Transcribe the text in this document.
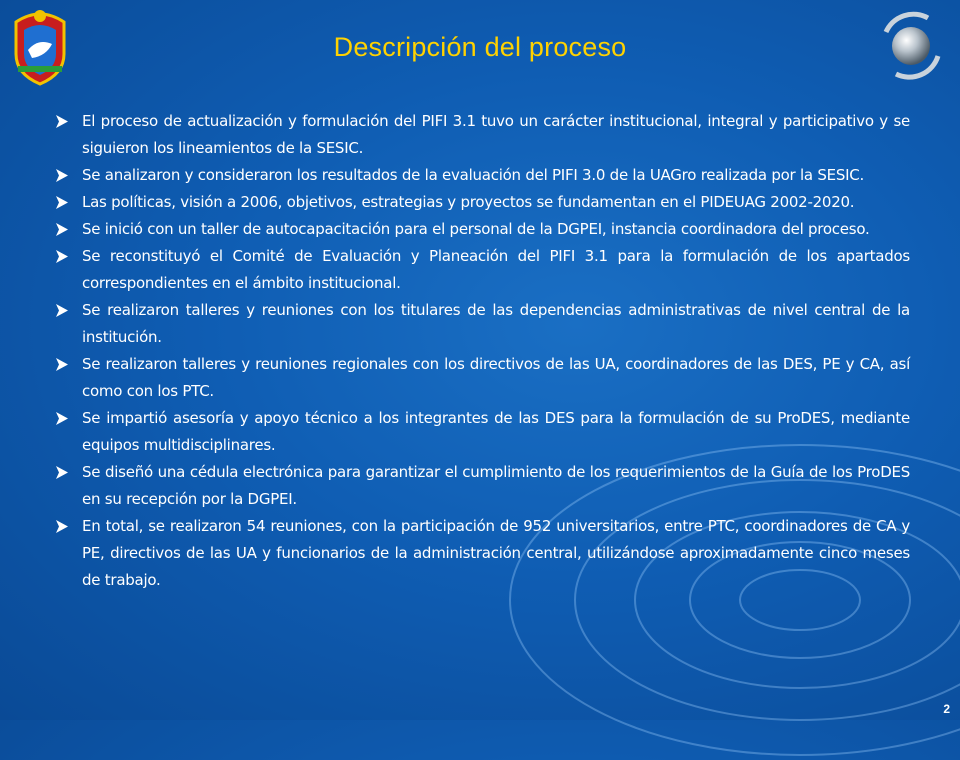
Descripción del proceso
El proceso de actualización y formulación del PIFI 3.1 tuvo un carácter institucional, integral y participativo y se siguieron los lineamientos de la SESIC.
Se analizaron y consideraron los resultados de la evaluación del PIFI 3.0 de la UAGro realizada por la SESIC.
Las políticas, visión a 2006, objetivos, estrategias y proyectos se fundamentan en el PIDEUAG 2002-2020.
Se inició con un taller de autocapacitación para el personal de la DGPEI, instancia coordinadora del proceso.
Se reconstituyó el Comité de Evaluación y Planeación del PIFI 3.1 para la formulación de los apartados correspondientes en el ámbito institucional.
Se realizaron talleres y reuniones con los titulares de las dependencias administrativas de nivel central de la institución.
Se realizaron talleres y reuniones regionales con los directivos de las UA, coordinadores de las DES, PE y CA, así como con los PTC.
Se impartió asesoría y apoyo técnico a los integrantes de las DES para la formulación de su ProDES, mediante equipos multidisciplinares.
Se diseñó una cédula electrónica para garantizar el cumplimiento de los requerimientos de la Guía de los ProDES en su recepción por la DGPEI.
En total, se realizaron 54 reuniones, con la participación de 952 universitarios, entre PTC, coordinadores de CA y PE, directivos de las UA y funcionarios de la administración central, utilizándose aproximadamente cinco meses de trabajo.
2
